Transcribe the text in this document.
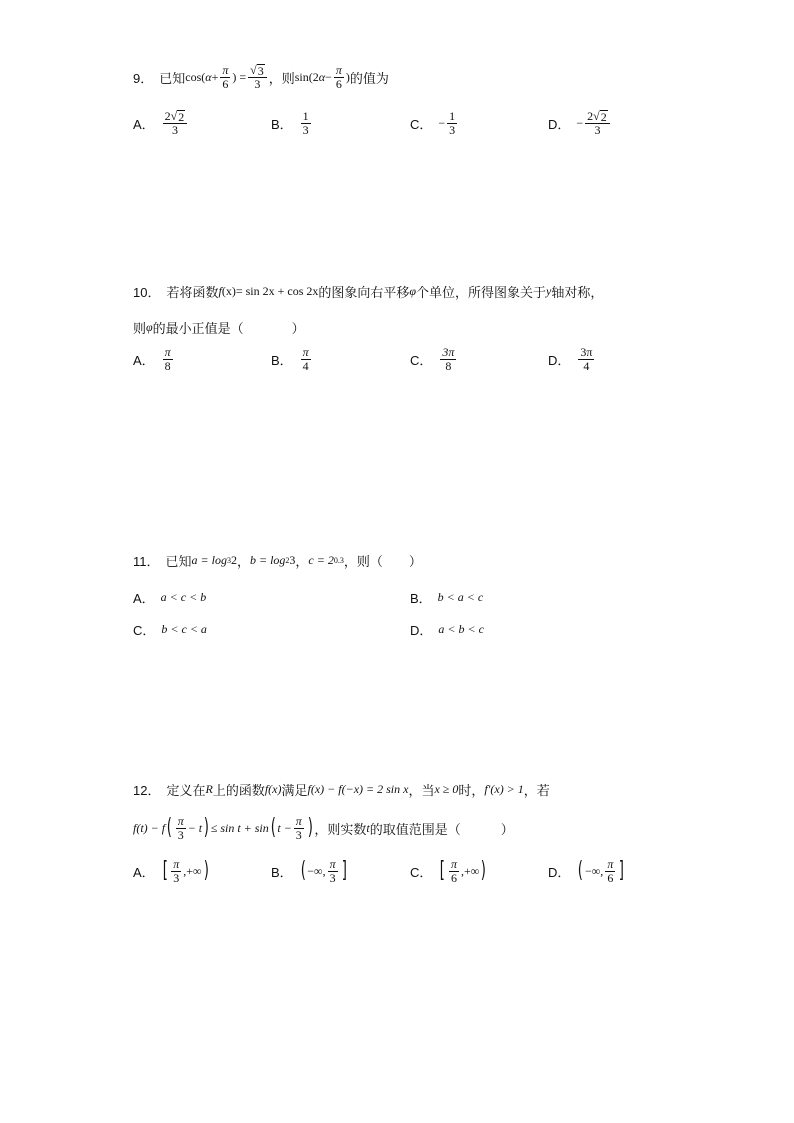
9． 已知 cos( $\alpha + \frac{\pi}{6}$ ) = $\frac{√ 3}{3}$ ，则 sin(2 $\alpha - \frac{\pi}{6}$ ) 的值为
A． $\frac{2 √ 2}{3}$	B． $\frac{1}{3}$	C． − $\frac{1}{3}$	D． − $\frac{2 √ 2}{3}$
10． 若将函数 f (x) = sin 2x + cos 2x 的图象向右平移 φ 个单位，所得图象关于 y 轴对称，
则 φ 的最小正值是（	）
A． $\frac{\pi}{8}$	B． $\frac{\pi}{4}$	C． $\frac{3\pi}{8}$	D． $\frac{3\pi}{4}$
11． 已知 a = log 3 2 ， b = log 2 3 ， c = 2 0.3 ，则（　　）
A． a < c < b	B． b < a < c
C． b < c < a	D． a < b < c
12． 定义在 R 上的函数 f(x) 满足 f(x) − f(−x) = 2 sin x ，当 x ≥ 0 时， f′(x) > 1 ，若
f(t) − f ( $\frac{\pi}{3} - t$ ) ≤ sin t + sin ( $t - \frac{\pi}{3}$ ) ，则实数 t 的取值范围是（	）
A． [ $\frac{\pi}{3}$ ,+∞ )	B． ( −∞, $\frac{\pi}{3}$ ]	C． [ $\frac{\pi}{6}$ ,+∞ )	D． ( −∞, $\frac{\pi}{6}$ ]
